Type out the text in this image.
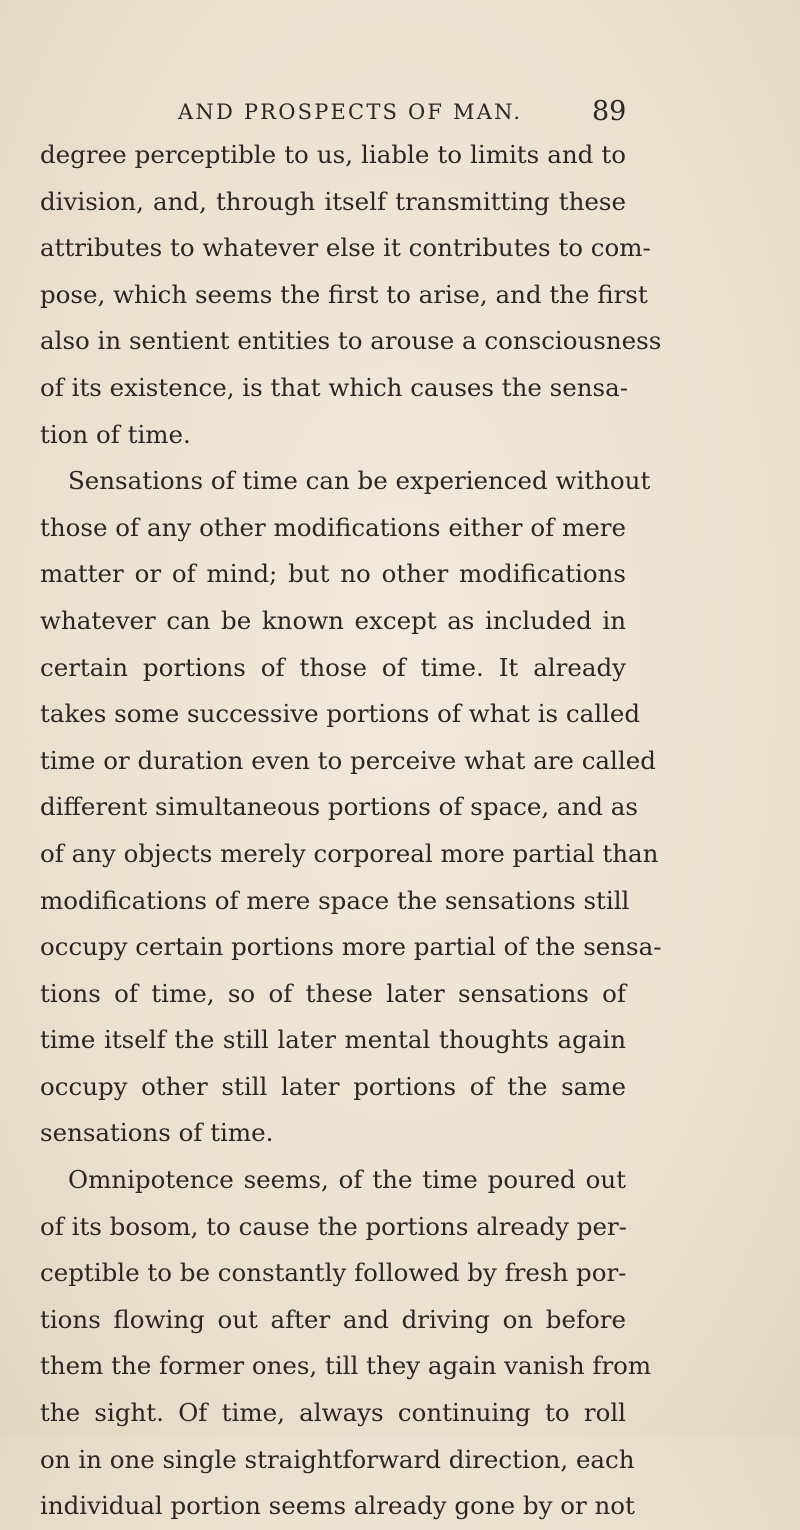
AND PROSPECTS OF MAN.	89
degree perceptible to us, liable to limits and to
division, and, through itself transmitting these
attributes to whatever else it contributes to com-
pose, which seems the first to arise, and the first
also in sentient entities to arouse a consciousness
of its existence, is that which causes the sensa-
tion of time.
Sensations of time can be experienced without
those of any other modifications either of mere
matter or of mind; but no other modifications
whatever can be known except as included in
certain portions of those of time. It already
takes some successive portions of what is called
time or duration even to perceive what are called
different simultaneous portions of space, and as
of any objects merely corporeal more partial than
modifications of mere space the sensations still
occupy certain portions more partial of the sensa-
tions of time, so of these later sensations of
time itself the still later mental thoughts again
occupy other still later portions of the same
sensations of time.
Omnipotence seems, of the time poured out
of its bosom, to cause the portions already per-
ceptible to be constantly followed by fresh por-
tions flowing out after and driving on before
them the former ones, till they again vanish from
the sight. Of time, always continuing to roll
on in one single straightforward direction, each
individual portion seems already gone by or not
